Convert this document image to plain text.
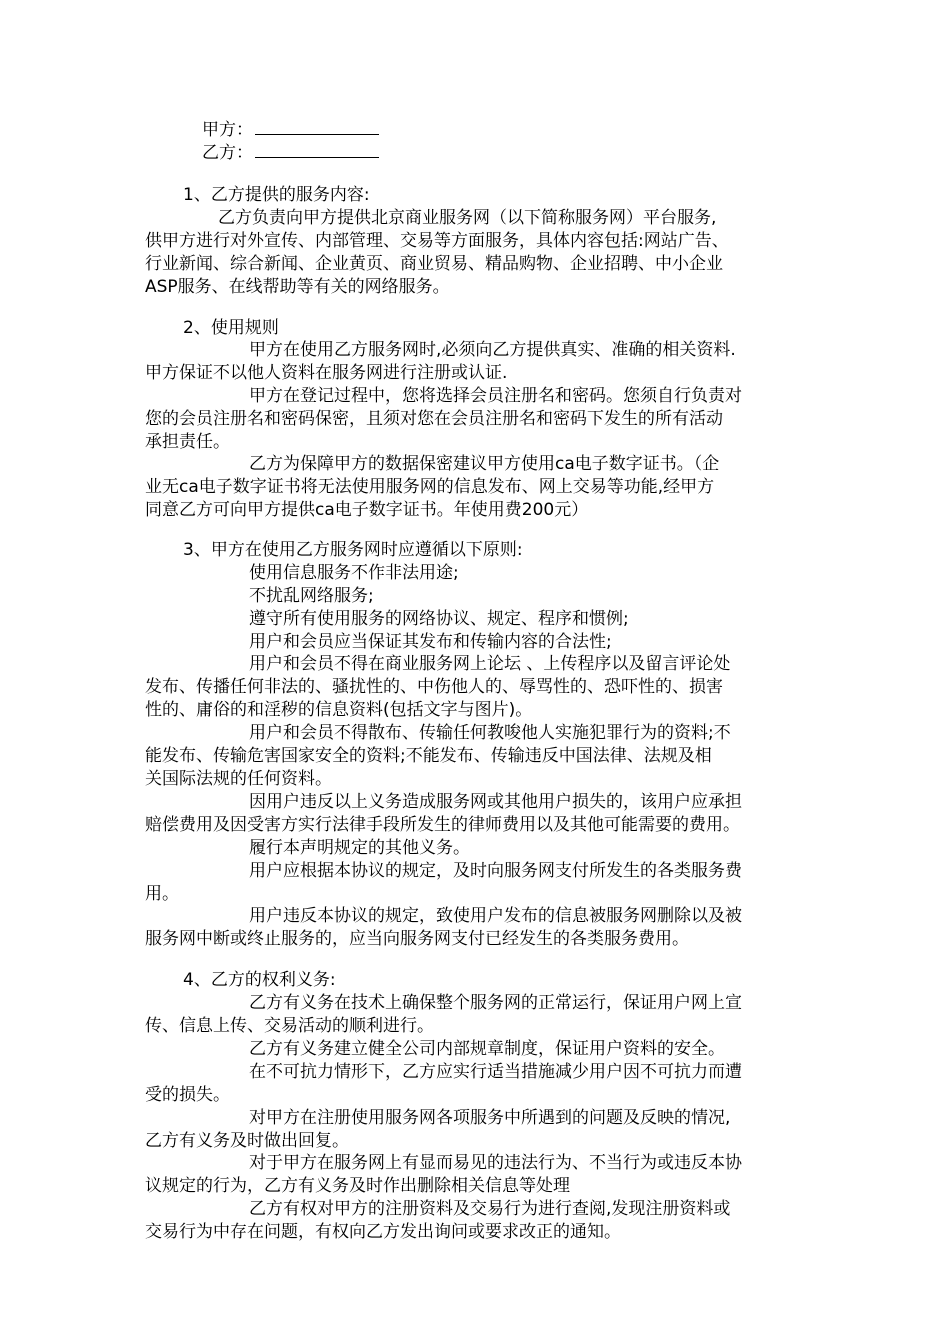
甲方：
乙方：
1、乙方提供的服务内容:
乙方负责向甲方提供北京商业服务网（以下简称服务网）平台服务,
供甲方进行对外宣传、内部管理、交易等方面服务，具体内容包括:网站广告、
行业新闻、综合新闻、企业黄页、商业贸易、精品购物、企业招聘、中小企业
ASP服务、在线帮助等有关的网络服务。
2、使用规则
甲方在使用乙方服务网时,必须向乙方提供真实、准确的相关资料.
甲方保证不以他人资料在服务网进行注册或认证.
甲方在登记过程中，您将选择会员注册名和密码。您须自行负责对
您的会员注册名和密码保密，且须对您在会员注册名和密码下发生的所有活动
承担责任。
乙方为保障甲方的数据保密建议甲方使用ca电子数字证书。（企
业无ca电子数字证书将无法使用服务网的信息发布、网上交易等功能,经甲方
同意乙方可向甲方提供ca电子数字证书。年使用费200元）
3、甲方在使用乙方服务网时应遵循以下原则:
使用信息服务不作非法用途;
不扰乱网络服务;
遵守所有使用服务的网络协议、规定、程序和惯例;
用户和会员应当保证其发布和传输内容的合法性;
用户和会员不得在商业服务网上论坛 、上传程序以及留言评论处
发布、传播任何非法的、骚扰性的、中伤他人的、辱骂性的、恐吓性的、损害
性的、庸俗的和淫秽的信息资料(包括文字与图片)。
用户和会员不得散布、传输任何教唆他人实施犯罪行为的资料;不
能发布、传输危害国家安全的资料;不能发布、传输违反中国法律、法规及相
关国际法规的任何资料。
因用户违反以上义务造成服务网或其他用户损失的，该用户应承担
赔偿费用及因受害方实行法律手段所发生的律师费用以及其他可能需要的费用。
履行本声明规定的其他义务。
用户应根据本协议的规定，及时向服务网支付所发生的各类服务费
用。
用户违反本协议的规定，致使用户发布的信息被服务网删除以及被
服务网中断或终止服务的，应当向服务网支付已经发生的各类服务费用。
4、乙方的权利义务:
乙方有义务在技术上确保整个服务网的正常运行，保证用户网上宣
传、信息上传、交易活动的顺利进行。
乙方有义务建立健全公司内部规章制度，保证用户资料的安全。
在不可抗力情形下，乙方应实行适当措施减少用户因不可抗力而遭
受的损失。
对甲方在注册使用服务网各项服务中所遇到的问题及反映的情况,
乙方有义务及时做出回复。
对于甲方在服务网上有显而易见的违法行为、不当行为或违反本协
议规定的行为，乙方有义务及时作出删除相关信息等处理
乙方有权对甲方的注册资料及交易行为进行查阅,发现注册资料或
交易行为中存在问题，有权向乙方发出询问或要求改正的通知。
